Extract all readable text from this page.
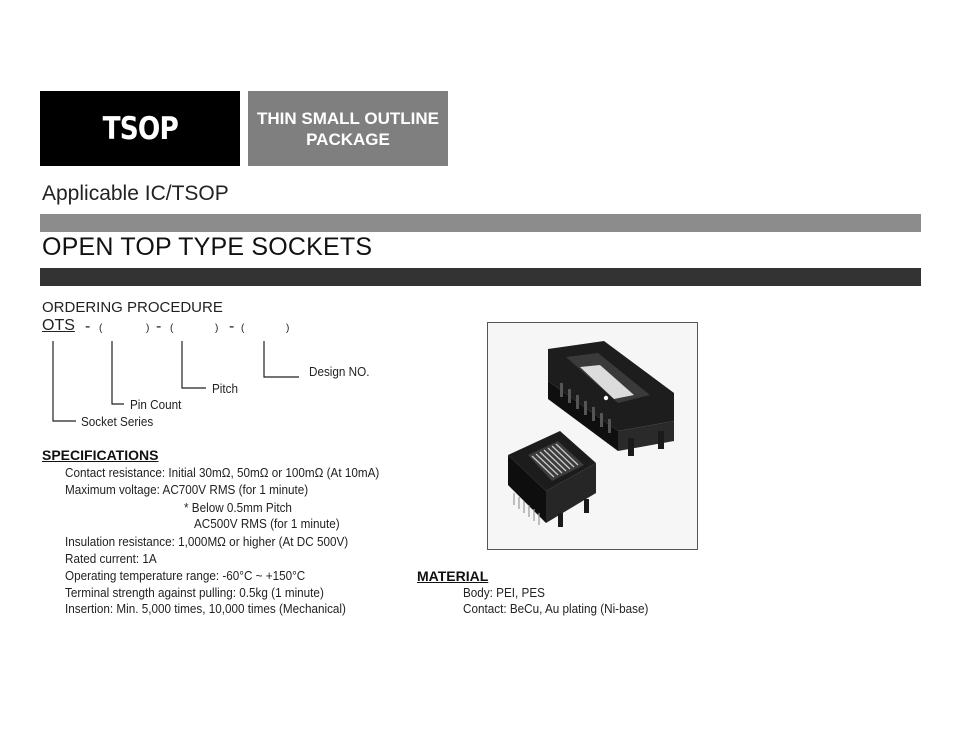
TSOP	THIN SMALL OUTLINE
PACKAGE
Applicable IC/TSOP
OPEN TOP TYPE SOCKETS
ORDERING PROCEDURE
OTS - (	) - (	) - (	)
Design NO.
Pitch
Pin Count
Socket Series
SPECIFICATIONS
Contact resistance: Initial 30mΩ, 50mΩ or 100mΩ (At 10mA)
Maximum voltage: AC700V RMS (for 1 minute)
* Below 0.5mm Pitch
AC500V RMS (for 1 minute)
Insulation resistance: 1,000MΩ or higher (At DC 500V)
Rated current: 1A
Operating temperature range: -60°C ~ +150°C
Terminal strength against pulling: 0.5kg (1 minute)
Insertion: Min. 5,000 times, 10,000 times (Mechanical)
MATERIAL
Body: PEI, PES
Contact: BeCu, Au plating (Ni-base)
